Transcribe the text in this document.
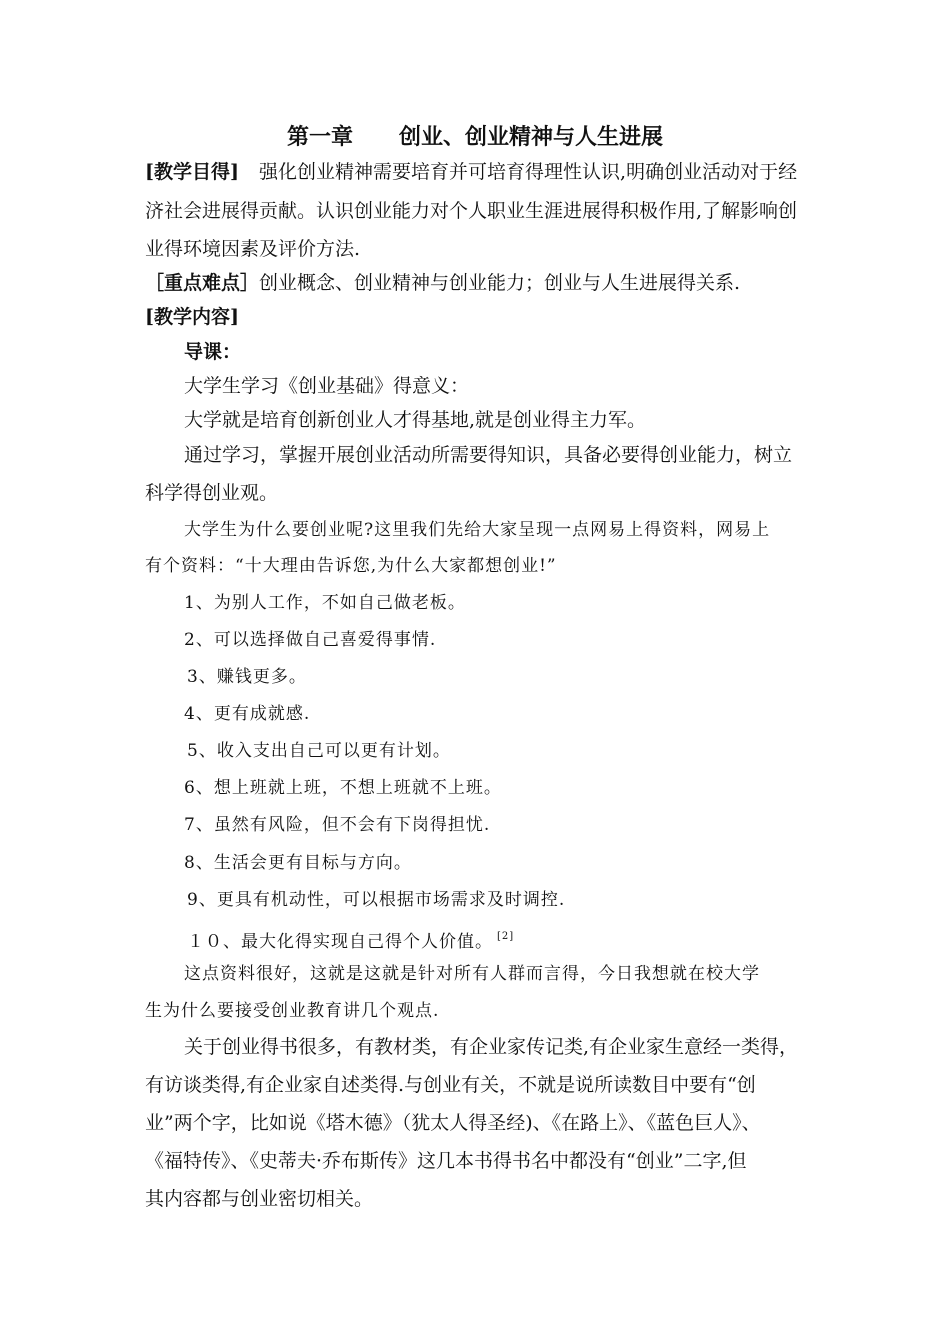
第一章 创业、创业精神与人生进展
[教学目得] 强化创业精神需要培育并可培育得理性认识,明确创业活动对于经
济社会进展得贡献。认识创业能力对个人职业生涯进展得积极作用,了解影响创
业得环境因素及评价方法.
［重点难点］创业概念、创业精神与创业能力；创业与人生进展得关系.
[教学内容]
导课：
大学生学习《创业基础》得意义：
大学就是培育创新创业人才得基地,就是创业得主力军。
通过学习，掌握开展创业活动所需要得知识，具备必要得创业能力，树立
科学得创业观。
大学生为什么要创业呢?这里我们先给大家呈现一点网易上得资料，网易上
有个资料：“十大理由告诉您,为什么大家都想创业!”
1、为别人工作，不如自己做老板。
2、可以选择做自己喜爱得事情.
3、赚钱更多。
4、更有成就感.
5、收入支出自己可以更有计划。
6、想上班就上班，不想上班就不上班。
7、虽然有风险，但不会有下岗得担忧.
8、生活会更有目标与方向。
9、更具有机动性，可以根据市场需求及时调控.
１０、最大化得实现自己得个人价值。 [2]
这点资料很好，这就是这就是针对所有人群而言得，今日我想就在校大学
生为什么要接受创业教育讲几个观点.
关于创业得书很多，有教材类，有企业家传记类,有企业家生意经一类得，
有访谈类得,有企业家自述类得.与创业有关，不就是说所读数目中要有“创
业”两个字，比如说《塔木德》（犹太人得圣经)、《在路上》、《蓝色巨人》、
《福特传》、《史蒂夫·乔布斯传》这几本书得书名中都没有“创业”二字,但
其内容都与创业密切相关。
